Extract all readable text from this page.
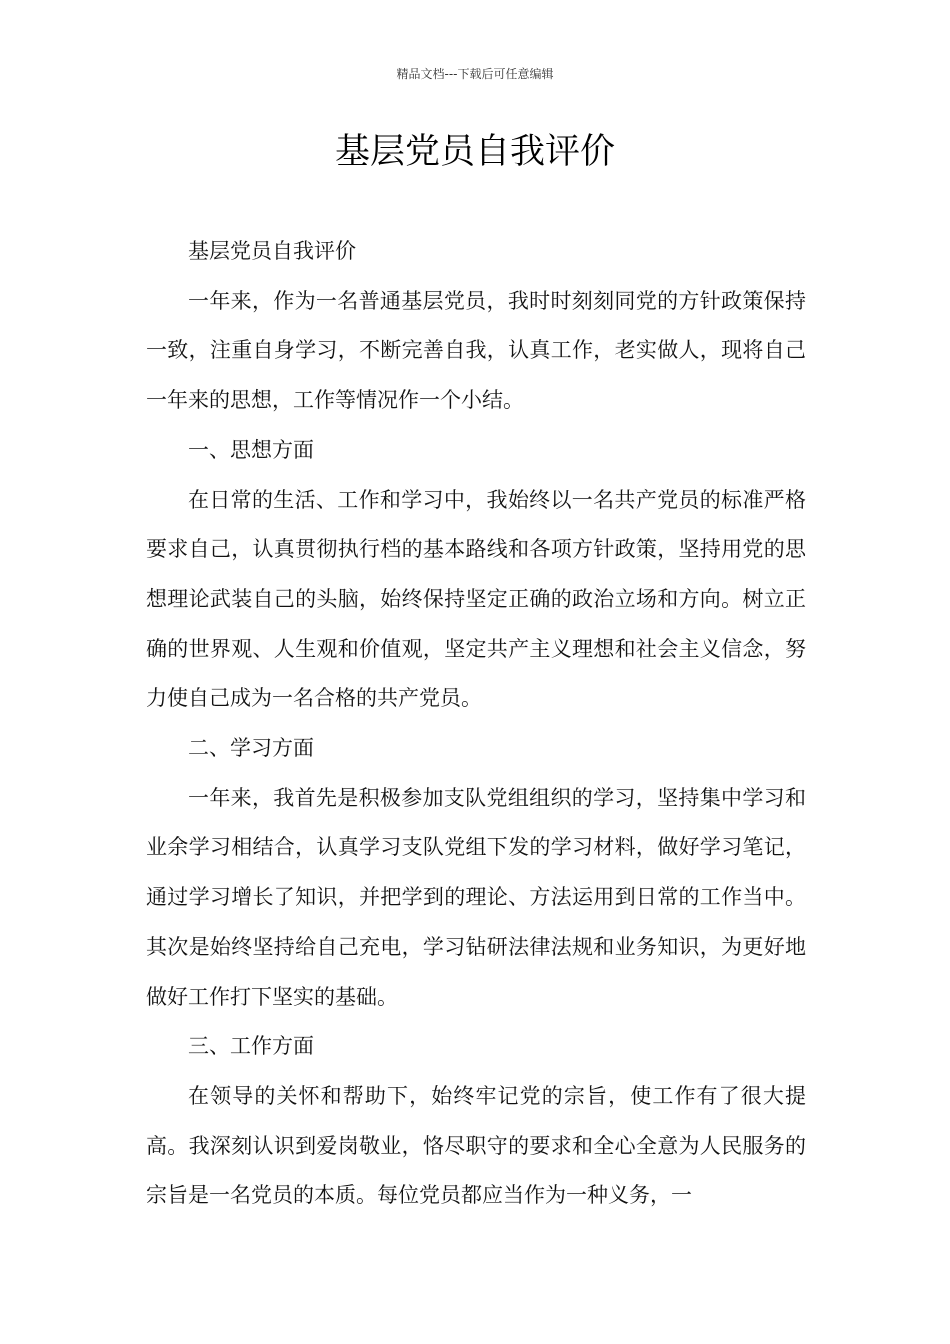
精品文档---下载后可任意编辑
基层党员自我评价

基层党员自我评价

一年来，作为一名普通基层党员，我时时刻刻同党的方针政策保持一致，注重自身学习，不断完善自我，认真工作，老实做人，现将自己一年来的思想，工作等情况作一个小结。

一、思想方面

在日常的生活、工作和学习中，我始终以一名共产党员的标准严格要求自己，认真贯彻执行档的基本路线和各项方针政策，坚持用党的思想理论武装自己的头脑，始终保持坚定正确的政治立场和方向。树立正确的世界观、人生观和价值观，坚定共产主义理想和社会主义信念，努力使自己成为一名合格的共产党员。

二、学习方面

一年来，我首先是积极参加支队党组组织的学习，坚持集中学习和业余学习相结合，认真学习支队党组下发的学习材料，做好学习笔记，通过学习增长了知识，并把学到的理论、方法运用到日常的工作当中。其次是始终坚持给自己充电，学习钻研法律法规和业务知识，为更好地做好工作打下坚实的基础。

三、工作方面

在领导的关怀和帮助下，始终牢记党的宗旨，使工作有了很大提高。我深刻认识到爱岗敬业，恪尽职守的要求和全心全意为人民服务的宗旨是一名党员的本质。每位党员都应当作为一种义务，一
